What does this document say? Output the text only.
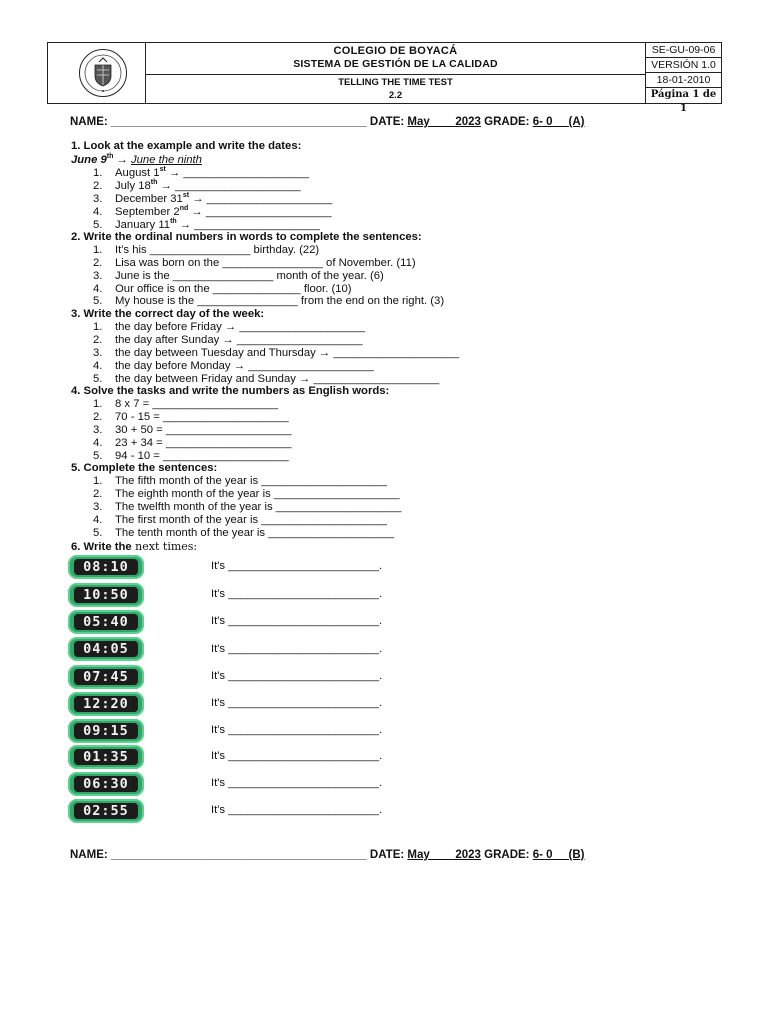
COLEGIO DE BOYACÁ
SISTEMA DE GESTIÓN DE LA CALIDAD
TELLING THE TIME TEST
2.2
SE-GU-09-06
VERSIÓN 1.0
18-01-2010
Página 1 de 1
NAME: ________________________________________ DATE: May____2023 GRADE: 6- 0__ (A)
1. Look at the example and write the dates:
June 9th → June the ninth
1. August 1st → ____________________
2. July 18th → ____________________
3. December 31st → ____________________
4. September 2nd → ____________________
5. January 11th → ____________________
2. Write the ordinal numbers in words to complete the sentences:
1. It's his ________________ birthday. (22)
2. Lisa was born on the ________________ of November. (11)
3. June is the ________________ month of the year. (6)
4. Our office is on the ______________ floor. (10)
5. My house is the ________________ from the end on the right. (3)
3. Write the correct day of the week:
1. the day before Friday → ____________________
2. the day after Sunday → ____________________
3. the day between Tuesday and Thursday → ____________________
4. the day before Monday → ____________________
5. the day between Friday and Sunday → ____________________
4. Solve the tasks and write the numbers as English words:
1. 8 x 7 = ____________________
2. 70 - 15 = ____________________
3. 30 + 50 = ____________________
4. 23 + 34 = ____________________
5. 94 - 10 = ____________________
5. Complete the sentences:
1. The fifth month of the year is ____________________
2. The eighth month of the year is ____________________
3. The twelfth month of the year is ____________________
4. The first month of the year is ____________________
5. The tenth month of the year is ____________________
6. Write the next times:
08:10	It's ________________________.
10:50	It's ________________________.
05:40	It's ________________________.
04:05	It's ________________________.
07:45	It's ________________________.
12:20	It's ________________________.
09:15	It's ________________________.
01:35	It's ________________________.
06:30	It's ________________________.
02:55	It's ________________________.
NAME: ________________________________________ DATE: May____2023 GRADE: 6- 0__ (B)
